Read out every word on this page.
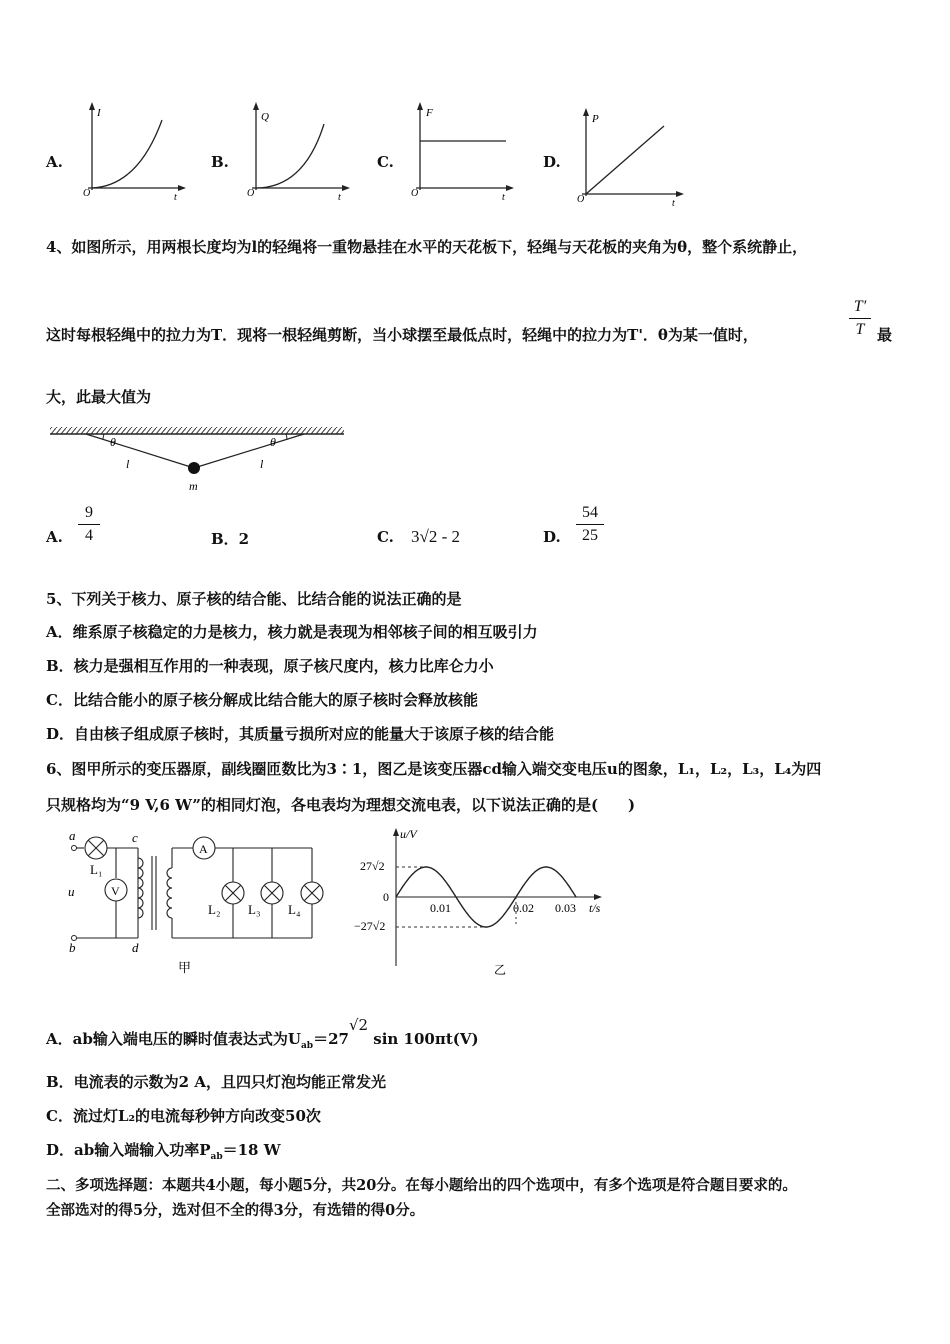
A.
I
t
O
B.
Q
t
O
C.
F
t
O
D.
P
t
O
4、如图所示，用两根长度均为l的轻绳将一重物悬挂在水平的天花板下，轻绳与天花板的夹角为θ，整个系统静止，
这时每根轻绳中的拉力为T．现将一根轻绳剪断，当小球摆至最低点时，轻绳中的拉力为T'．θ为某一值时，
T′
T 最
大，此最大值为
θ	θ
l	l
m
A.
9
4	B．2	C. 3√2 - 2	D.
54
25
5、下列关于核力、原子核的结合能、比结合能的说法正确的是
A．维系原子核稳定的力是核力，核力就是表现为相邻核子间的相互吸引力
B．核力是强相互作用的一种表现，原子核尺度内，核力比库仑力小
C．比结合能小的原子核分解成比结合能大的原子核时会释放核能
D．自由核子组成原子核时，其质量亏损所对应的能量大于该原子核的结合能
6、图甲所示的变压器原，副线圈匝数比为3∶1，图乙是该变压器cd输入端交变电压u的图象，L₁，L₂，L₃，L₄为四
只规格均为“9 V,6 W”的相同灯泡，各电表均为理想交流电表，以下说法正确的是(　　)
a
b
c
d
u
L₁
V
A
L₂ L₃ L₄
甲
u/V
27√2
−27√2
0
0.01	0.02 0.03 t/s
乙
A．ab输入端电压的瞬时值表达式为$U_{ab}=27^{√2}$ sin 100πt(V)
B．电流表的示数为2 A，且四只灯泡均能正常发光
C．流过灯L₂的电流每秒钟方向改变50次
D．ab输入端输入功率$P_{ab}=18$ W
二、多项选择题：本题共4小题，每小题5分，共20分。在每小题给出的四个选项中，有多个选项是符合题目要求的。
全部选对的得5分，选对但不全的得3分，有选错的得0分。
